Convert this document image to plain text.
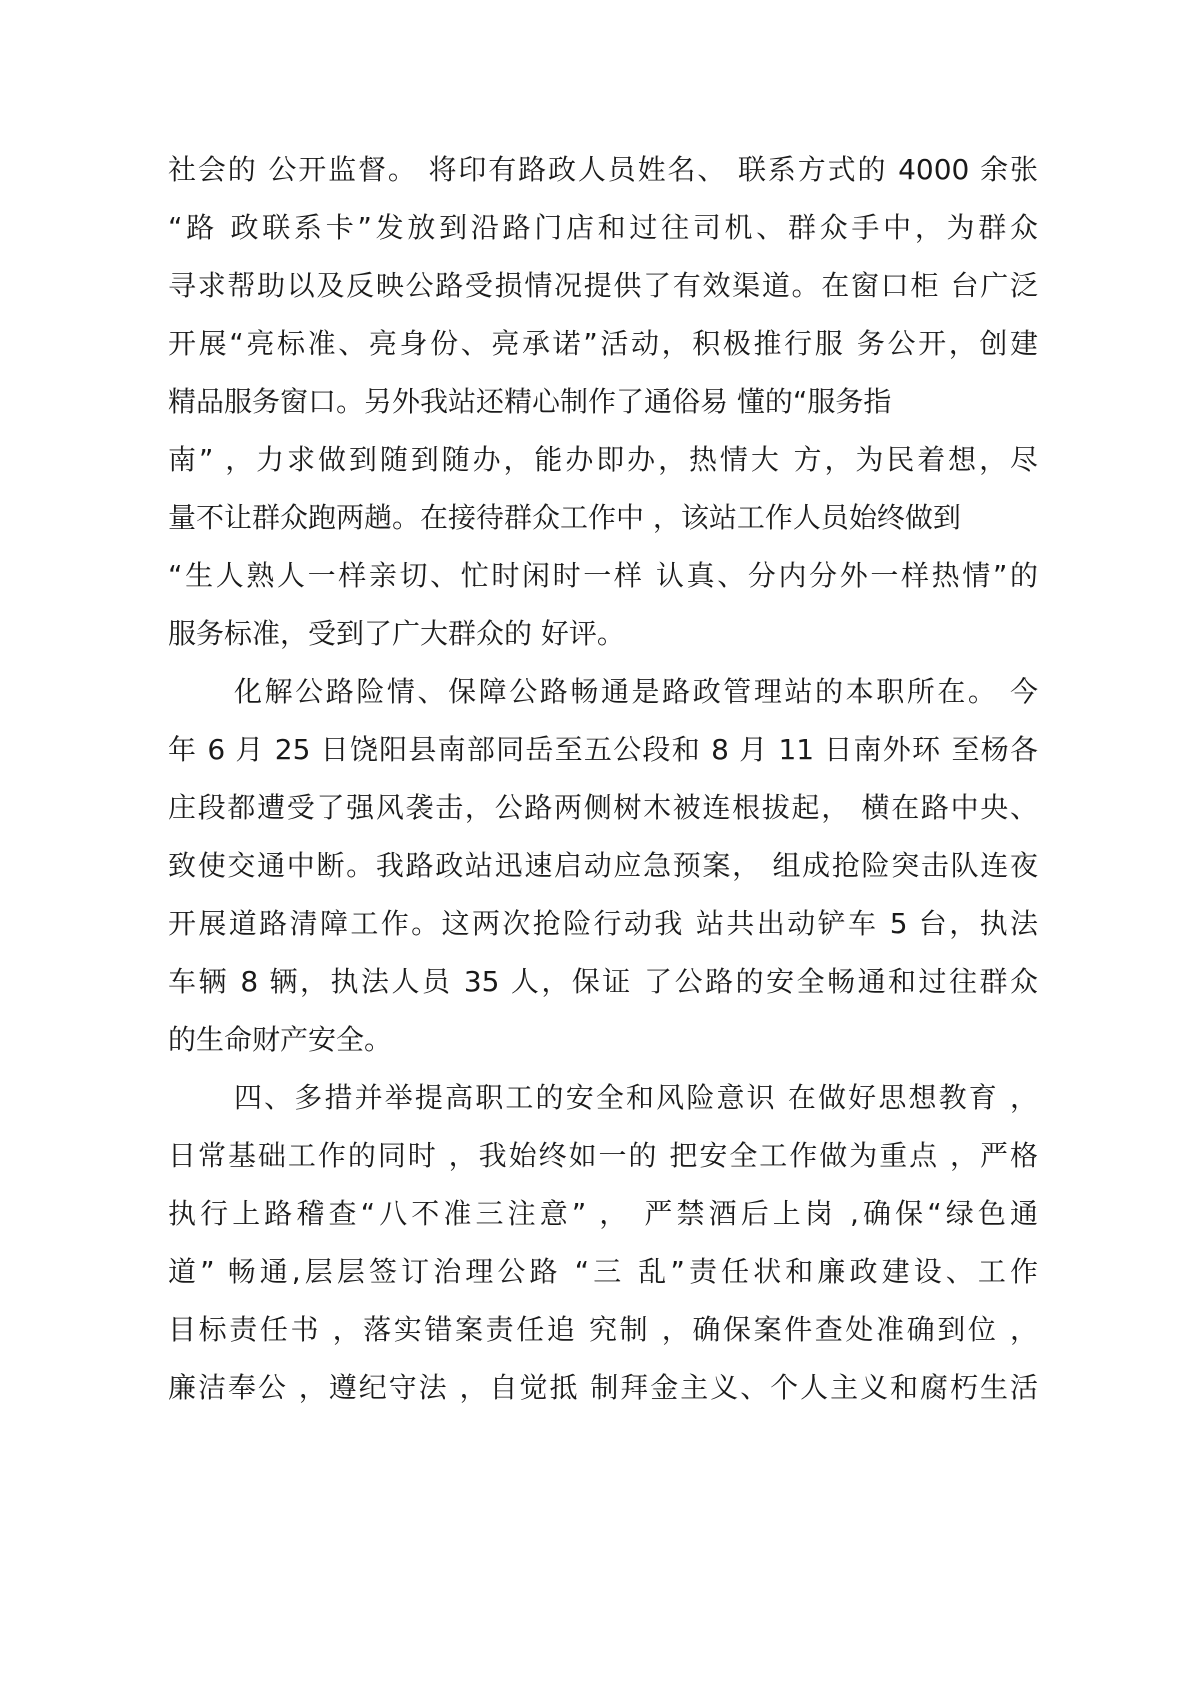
社会的 公开监督。 将印有路政人员姓名、 联系方式的 4000 余张
“路 政联系卡”发放到沿路门店和过往司机、群众手中，为群众
寻求帮助以及反映公路受损情况提供了有效渠道。在窗口柜 台广泛
开展“亮标准、亮身份、亮承诺”活动，积极推行服 务公开，创建
精品服务窗口。另外我站还精心制作了通俗易 懂的“服务指
南” ，力求做到随到随办，能办即办，热情大 方，为民着想，尽
量不让群众跑两趟。在接待群众工作中 ，该站工作人员始终做到
“生人熟人一样亲切、忙时闲时一样 认真、分内分外一样热情”的
服务标准，受到了广大群众的 好评。
化解公路险情、保障公路畅通是路政管理站的本职所在。 今
年 6 月 25 日饶阳县南部同岳至五公段和 8 月 11 日南外环 至杨各
庄段都遭受了强风袭击，公路两侧树木被连根拔起， 横在路中央、
致使交通中断。我路政站迅速启动应急预案， 组成抢险突击队连夜
开展道路清障工作。这两次抢险行动我 站共出动铲车 5 台，执法
车辆 8 辆，执法人员 35 人，保证 了公路的安全畅通和过往群众
的生命财产安全。
四、多措并举提高职工的安全和风险意识 在做好思想教育 ，
日常基础工作的同时 ，我始终如一的 把安全工作做为重点 ，严格
执行上路稽查“八不准三注意” ， 严禁酒后上岗 ,确保“绿色通
道” 畅通,层层签订治理公路 “三 乱”责任状和廉政建设、工作
目标责任书 ，落实错案责任追 究制 ，确保案件查处准确到位 ，
廉洁奉公 ，遵纪守法 ，自觉抵 制拜金主义、个人主义和腐朽生活
